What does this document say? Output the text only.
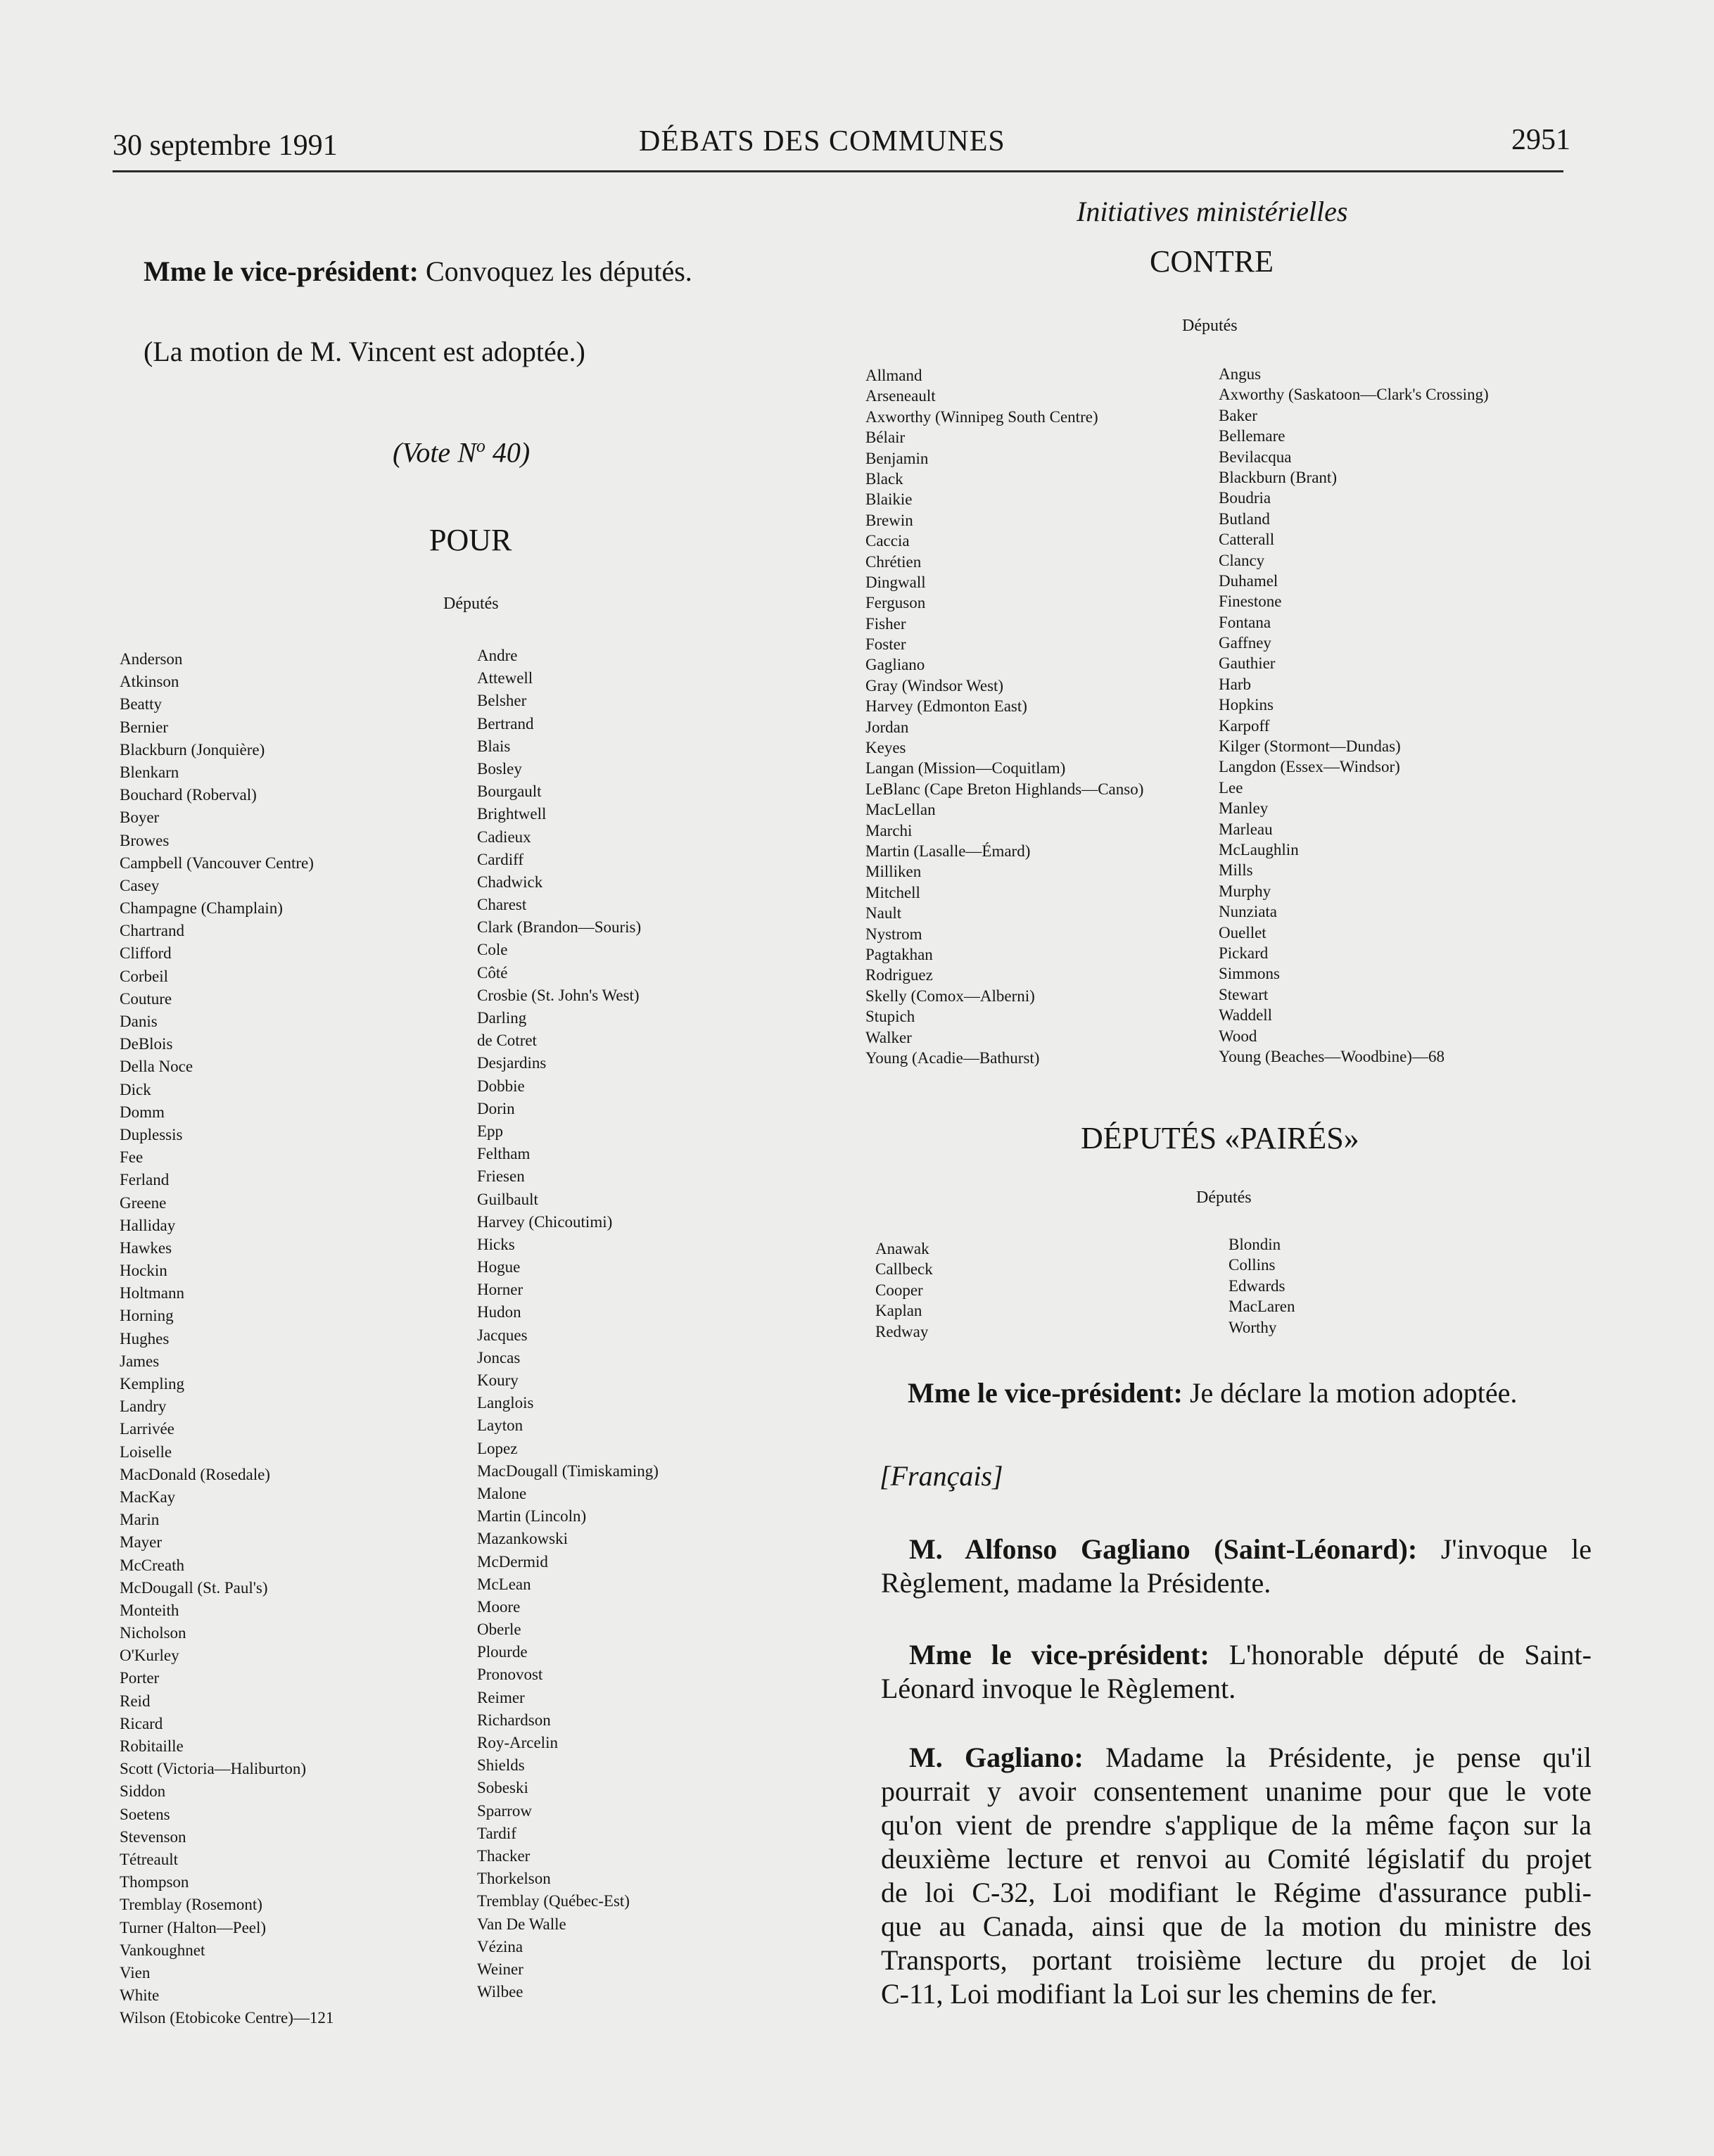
30 septembre 1991	DÉBATS DES COMMUNES	2951
Initiatives ministérielles
Mme le vice-président: Convoquez les députés.
(La motion de M. Vincent est adoptée.)
(Vote $N^o$ 40)
POUR
Députés
Anderson
Atkinson
Beatty
Bernier
Blackburn (Jonquière)
Blenkarn
Bouchard (Roberval)
Boyer
Browes
Campbell (Vancouver Centre)
Casey
Champagne (Champlain)
Chartrand
Clifford
Corbeil
Couture
Danis
DeBlois
Della Noce
Dick
Domm
Duplessis
Fee
Ferland
Greene
Halliday
Hawkes
Hockin
Holtmann
Horning
Hughes
James
Kempling
Landry
Larrivée
Loiselle
MacDonald (Rosedale)
MacKay
Marin
Mayer
McCreath
McDougall (St. Paul's)
Monteith
Nicholson
O'Kurley
Porter
Reid
Ricard
Robitaille
Scott (Victoria—Haliburton)
Siddon
Soetens
Stevenson
Tétreault
Thompson
Tremblay (Rosemont)
Turner (Halton—Peel)
Vankoughnet
Vien
White
Wilson (Etobicoke Centre)—121
Andre
Attewell
Belsher
Bertrand
Blais
Bosley
Bourgault
Brightwell
Cadieux
Cardiff
Chadwick
Charest
Clark (Brandon—Souris)
Cole
Côté
Crosbie (St. John's West)
Darling
de Cotret
Desjardins
Dobbie
Dorin
Epp
Feltham
Friesen
Guilbault
Harvey (Chicoutimi)
Hicks
Hogue
Horner
Hudon
Jacques
Joncas
Koury
Langlois
Layton
Lopez
MacDougall (Timiskaming)
Malone
Martin (Lincoln)
Mazankowski
McDermid
McLean
Moore
Oberle
Plourde
Pronovost
Reimer
Richardson
Roy-Arcelin
Shields
Sobeski
Sparrow
Tardif
Thacker
Thorkelson
Tremblay (Québec-Est)
Van De Walle
Vézina
Weiner
Wilbee
CONTRE
Députés
Allmand
Arseneault
Axworthy (Winnipeg South Centre)
Bélair
Benjamin
Black
Blaikie
Brewin
Caccia
Chrétien
Dingwall
Ferguson
Fisher
Foster
Gagliano
Gray (Windsor West)
Harvey (Edmonton East)
Jordan
Keyes
Langan (Mission—Coquitlam)
LeBlanc (Cape Breton Highlands—Canso)
MacLellan
Marchi
Martin (Lasalle—Émard)
Milliken
Mitchell
Nault
Nystrom
Pagtakhan
Rodriguez
Skelly (Comox—Alberni)
Stupich
Walker
Young (Acadie—Bathurst)
Angus
Axworthy (Saskatoon—Clark's Crossing)
Baker
Bellemare
Bevilacqua
Blackburn (Brant)
Boudria
Butland
Catterall
Clancy
Duhamel
Finestone
Fontana
Gaffney
Gauthier
Harb
Hopkins
Karpoff
Kilger (Stormont—Dundas)
Langdon (Essex—Windsor)
Lee
Manley
Marleau
McLaughlin
Mills
Murphy
Nunziata
Ouellet
Pickard
Simmons
Stewart
Waddell
Wood
Young (Beaches—Woodbine)—68
DÉPUTÉS «PAIRÉS»
Députés
Anawak
Callbeck
Cooper
Kaplan
Redway
Blondin
Collins
Edwards
MacLaren
Worthy
Mme le vice-président: Je déclare la motion adoptée.
[Français]
M. Alfonso Gagliano (Saint-Léonard): J'invoque le
Règlement, madame la Présidente.
Mme le vice-président: L'honorable député de Saint-
Léonard invoque le Règlement.
M. Gagliano: Madame la Présidente, je pense qu'il
pourrait y avoir consentement unanime pour que le vote
qu'on vient de prendre s'applique de la même façon sur la
deuxième lecture et renvoi au Comité législatif du projet
de loi C-32, Loi modifiant le Régime d'assurance publi-
que au Canada, ainsi que de la motion du ministre des
Transports, portant troisième lecture du projet de loi
C-11, Loi modifiant la Loi sur les chemins de fer.
